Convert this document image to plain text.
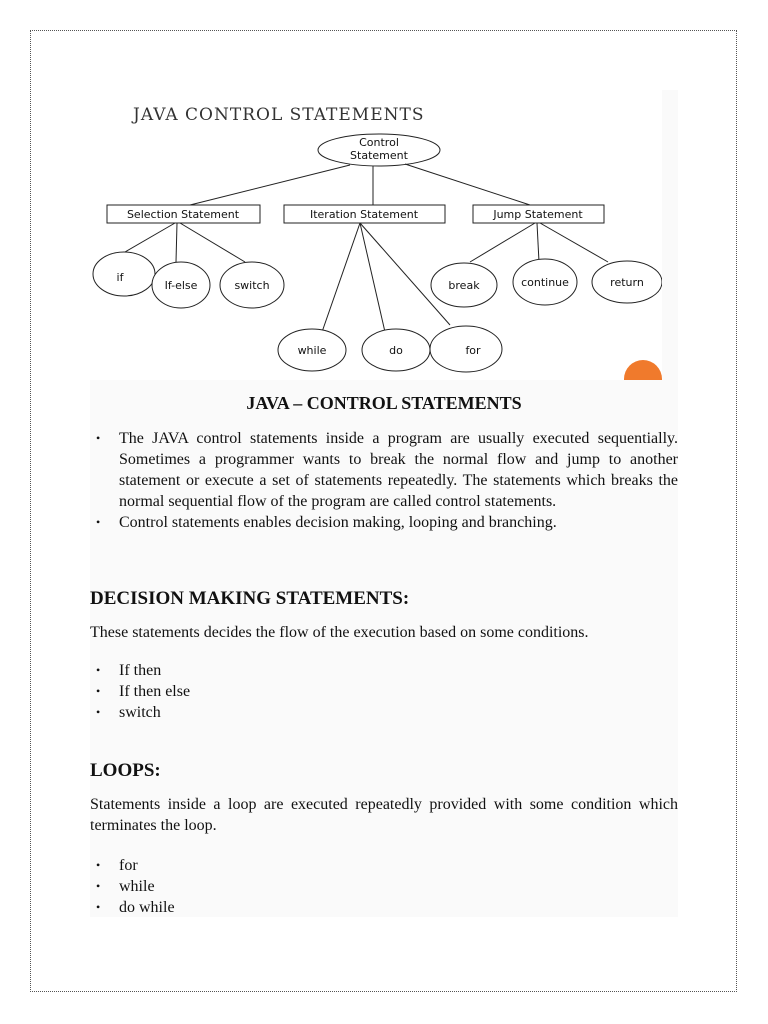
JAVA CONTROL STATEMENTS
Control
Statement
Selection Statement	Iteration Statement	Jump Statement
if
If-else	switch
while	do	for
break	continue	return
JAVA – CONTROL STATEMENTS
• The JAVA control statements inside a program are usually executed sequentially. Sometimes a programmer wants to break the normal flow and jump to another statement or execute a set of statements repeatedly. The statements which breaks the normal sequential flow of the program are called control statements.
• Control statements enables decision making, looping and branching.
DECISION MAKING STATEMENTS:
These statements decides the flow of the execution based on some conditions.
• If then
• If then else
• switch
LOOPS:
Statements inside a loop are executed repeatedly provided with some condition which terminates the loop.
• for
• while
• do while
